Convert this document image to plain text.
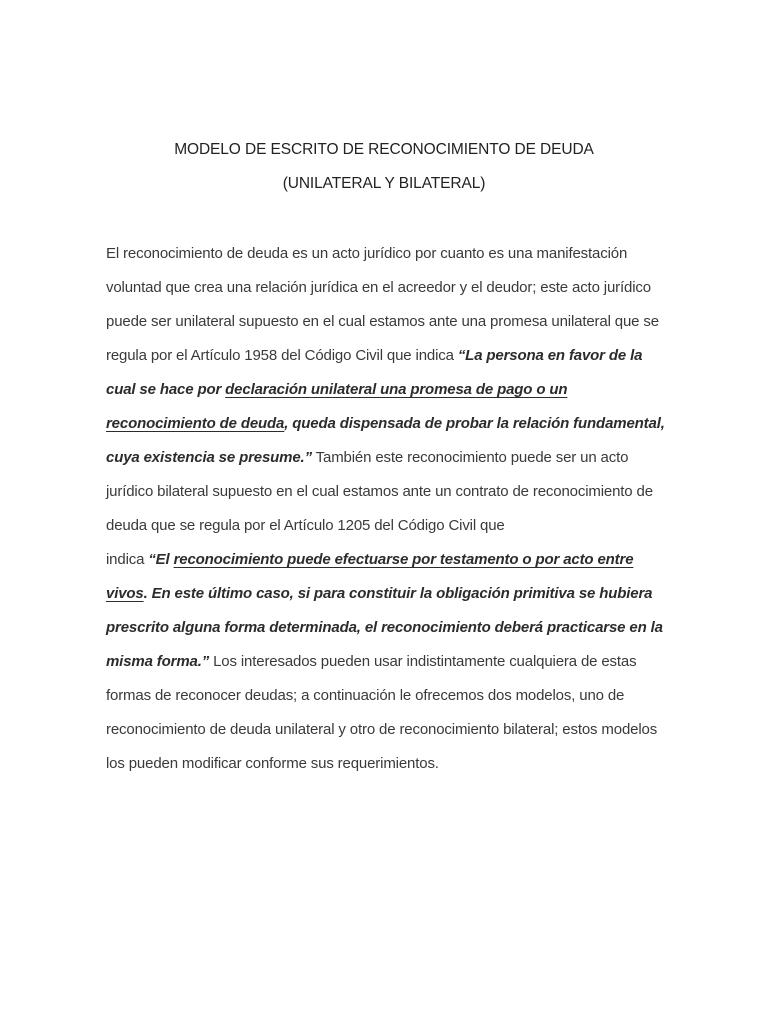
MODELO DE ESCRITO DE RECONOCIMIENTO DE DEUDA
(UNILATERAL Y BILATERAL)
El reconocimiento de deuda es un acto jurídico por cuanto es una manifestación
voluntad que crea una relación jurídica en el acreedor y el deudor; este acto jurídico
puede ser unilateral supuesto en el cual estamos ante una promesa unilateral que se
regula por el Artículo 1958 del Código Civil que indica “La persona en favor de la
cual se hace por declaración unilateral una promesa de pago o un
reconocimiento de deuda, queda dispensada de probar la relación fundamental,
cuya existencia se presume.” También este reconocimiento puede ser un acto
jurídico bilateral supuesto en el cual estamos ante un contrato de reconocimiento de
deuda que se regula por el Artículo 1205 del Código Civil que
indica “El reconocimiento puede efectuarse por testamento o por acto entre
vivos. En este último caso, si para constituir la obligación primitiva se hubiera
prescrito alguna forma determinada, el reconocimiento deberá practicarse en la
misma forma.” Los interesados pueden usar indistintamente cualquiera de estas
formas de reconocer deudas; a continuación le ofrecemos dos modelos, uno de
reconocimiento de deuda unilateral y otro de reconocimiento bilateral; estos modelos
los pueden modificar conforme sus requerimientos.
